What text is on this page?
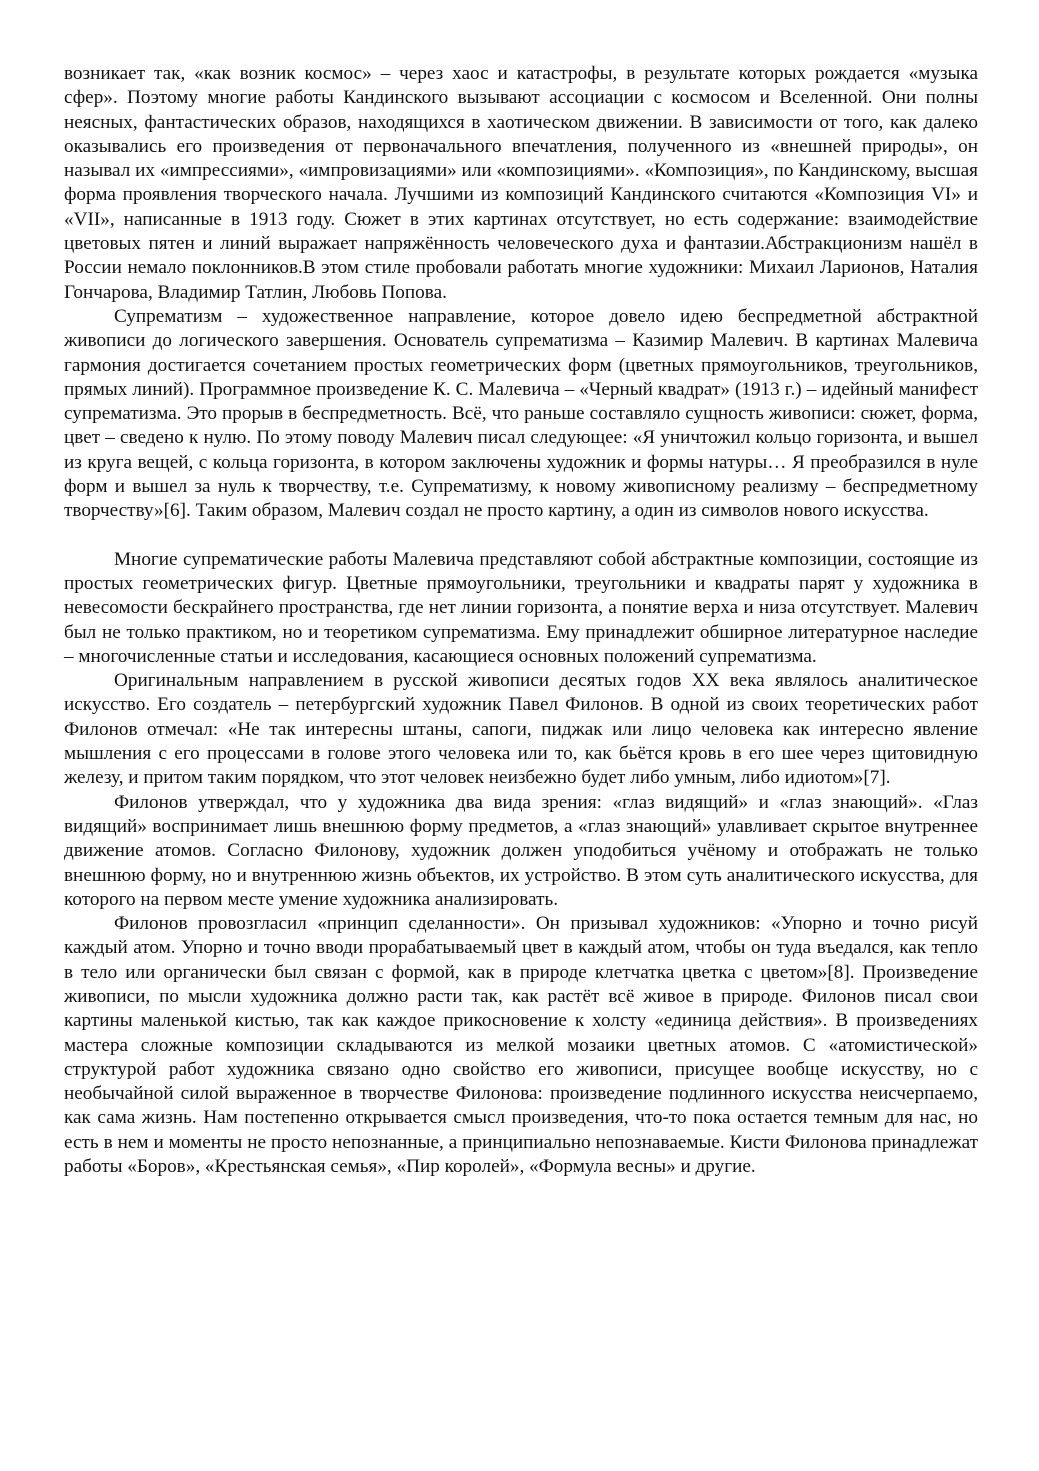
возникает так, «как возник космос» – через хаос и катастрофы, в результате которых рождается «музыка сфер». Поэтому многие работы Кандинского вызывают ассоциации с космосом и Вселенной. Они полны неясных, фантастических образов, находящихся в хаотическом движении. В зависимости от того, как далеко оказывались его произведения от первоначального впечатления, полученного из «внешней природы», он называл их «импрессиями», «импровизациями» или «композициями». «Композиция», по Кандинскому, высшая форма проявления творческого начала. Лучшими из композиций Кандинского считаются «Композиция VI» и «VII», написанные в 1913 году. Сюжет в этих картинах отсутствует, но есть содержание: взаимодействие цветовых пятен и линий выражает напряжённость человеческого духа и фантазии.Абстракционизм нашёл в России немало поклонников.В этом стиле пробовали работать многие художники: Михаил Ларионов, Наталия Гончарова, Владимир Татлин, Любовь Попова.

Супрематизм – художественное направление, которое довело идею беспредметной абстрактной живописи до логического завершения. Основатель супрематизма – Казимир Малевич. В картинах Малевича гармония достигается сочетанием простых геометрических форм (цветных прямоугольников, треугольников, прямых линий). Программное произведение К. С. Малевича – «Черный квадрат» (1913 г.) – идейный манифест супрематизма. Это прорыв в беспредметность. Всё, что раньше составляло сущность живописи: сюжет, форма, цвет – сведено к нулю. По этому поводу Малевич писал следующее: «Я уничтожил кольцо горизонта, и вышел из круга вещей, с кольца горизонта, в котором заключены художник и формы натуры… Я преобразился в нуле форм и вышел за нуль к творчеству, т.е. Супрематизму, к новому живописному реализму – беспредметному творчеству»[6]. Таким образом, Малевич создал не просто картину, а один из символов нового искусства.

Многие супрематические работы Малевича представляют собой абстрактные композиции, состоящие из простых геометрических фигур. Цветные прямоугольники, треугольники и квадраты парят у художника в невесомости бескрайнего пространства, где нет линии горизонта, а понятие верха и низа отсутствует. Малевич был не только практиком, но и теоретиком супрематизма. Ему принадлежит обширное литературное наследие – многочисленные статьи и исследования, касающиеся основных положений супрематизма.

Оригинальным направлением в русской живописи десятых годов XX века являлось аналитическое искусство. Его создатель – петербургский художник Павел Филонов. В одной из своих теоретических работ Филонов отмечал: «Не так интересны штаны, сапоги, пиджак или лицо человека как интересно явление мышления с его процессами в голове этого человека или то, как бьётся кровь в его шее через щитовидную железу, и притом таким порядком, что этот человек неизбежно будет либо умным, либо идиотом»[7].

Филонов утверждал, что у художника два вида зрения: «глаз видящий» и «глаз знающий». «Глаз видящий» воспринимает лишь внешнюю форму предметов, а «глаз знающий» улавливает скрытое внутреннее движение атомов. Согласно Филонову, художник должен уподобиться учёному и отображать не только внешнюю форму, но и внутреннюю жизнь объектов, их устройство. В этом суть аналитического искусства, для которого на первом месте умение художника анализировать.

Филонов провозгласил «принцип сделанности». Он призывал художников: «Упорно и точно рисуй каждый атом. Упорно и точно вводи прорабатываемый цвет в каждый атом, чтобы он туда въедался, как тепло в тело или органически был связан с формой, как в природе клетчатка цветка с цветом»[8]. Произведение живописи, по мысли художника должно расти так, как растёт всё живое в природе. Филонов писал свои картины маленькой кистью, так как каждое прикосновение к холсту «единица действия». В произведениях мастера сложные композиции складываются из мелкой мозаики цветных атомов. С «атомистической» структурой работ художника связано одно свойство его живописи, присущее вообще искусству, но с необычайной силой выраженное в творчестве Филонова: произведение подлинного искусства неисчерпаемо, как сама жизнь. Нам постепенно открывается смысл произведения, что-то пока остается темным для нас, но есть в нем и моменты не просто непознанные, а принципиально непознаваемые. Кисти Филонова принадлежат работы «Боров», «Крестьянская семья», «Пир королей», «Формула весны» и другие.
